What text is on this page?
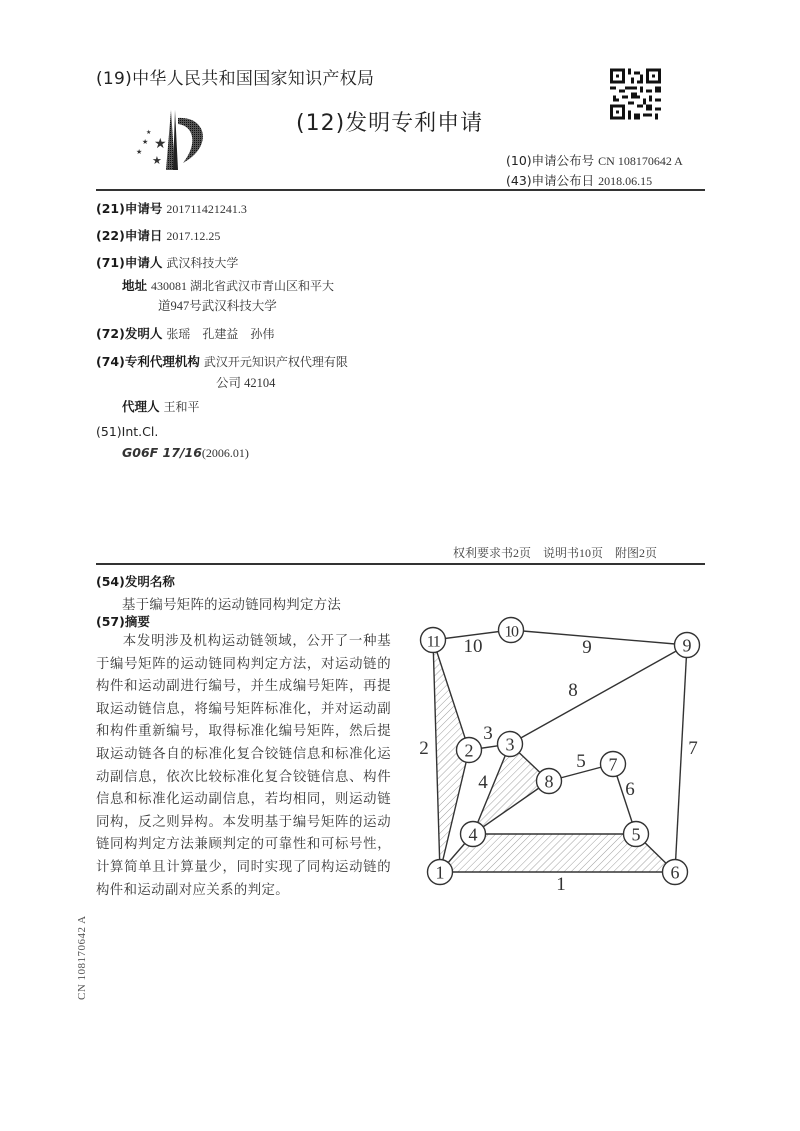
(19)中华人民共和国国家知识产权局
★
★
★
★
★
(12)发明专利申请
(10)申请公布号 CN 108170642 A
(43)申请公布日 2018.06.15
(21)申请号 201711421241.3
(22)申请日 2017.12.25
(71)申请人 武汉科技大学
地址 430081 湖北省武汉市青山区和平大
道947号武汉科技大学
(72)发明人 张瑶　孔建益　孙伟
(74)专利代理机构 武汉开元知识产权代理有限
公司 42104
代理人 王和平
(51)Int.Cl.
G06F 17/16(2006.01)
权利要求书2页　说明书10页　附图2页
(54)发明名称
基于编号矩阵的运动链同构判定方法
(57)摘要
本发明涉及机构运动链领域，公开了一种基于编号矩阵的运动链同构判定方法，对运动链的构件和运动副进行编号，并生成编号矩阵，再提取运动链信息，将编号矩阵标准化，并对运动副和构件重新编号，取得标准化编号矩阵，然后提取运动链各自的标准化复合铰链信息和标准化运动副信息，依次比较标准化复合铰链信息、构件信息和标准化运动副信息，若均相同，则运动链同构，反之则异构。本发明基于编号矩阵的运动链同构判定方法兼顾判定的可靠性和可标号性，计算简单且计算量少，同时实现了同构运动链的构件和运动副对应关系的判定。
1
2 3
4	5
6
7
8
9
10
11
1
2
3
4
5
6
7
8
9
10
CN 108170642 A
